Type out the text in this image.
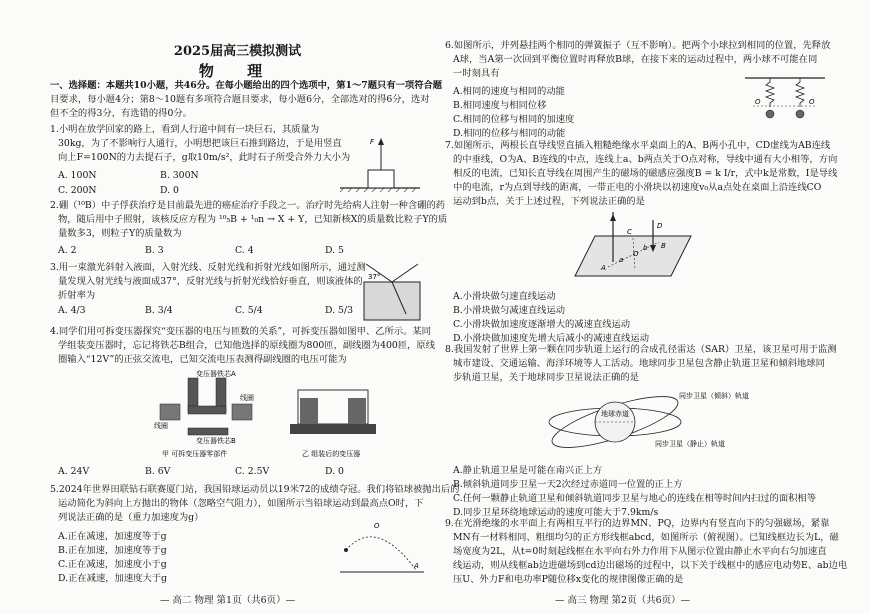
2025届高三模拟测试
物 理
一、选择题：本题共10小题，共46分。在每小题给出的四个选项中，第1～7题只有一项符合题
目要求，每小题4分；第8～10题有多项符合题目要求，每小题6分，全部选对的得6分，选对
但不全的得3分，有选错的得0分。
1.小明在放学回家的路上，看到人行道中间有一块巨石，其质量为
30kg，为了不影响行人通行，小明想把该巨石推到路边，于是用竖直
向上F=100N的力去提石子，g取10m/s²，此时石子所受合外力大小为
A. 100N	B. 300N
C. 200N	D. 0
F
2.硼（¹⁰B）中子俘获治疗是目前最先进的癌症治疗手段之一。治疗时先给病人注射一种含硼的药
物，随后用中子照射，该核反应方程为 ¹⁰₅B + ¹₀n → X + Y，已知新核X的质量数比粒子Y的质
量数多3，则粒子Y的质量数为
A. 2	B. 3	C. 4	D. 5
3.用一束激光斜射入液面，入射光线、反射光线和折射光线如图所示，通过测
量发现入射光线与液面成37°，反射光线与折射光线恰好垂直，则该液体的
折射率为
A. 4/3	B. 3/4	C. 5/4	D. 5/3
37°
4.同学们用可拆变压器探究“变压器的电压与匝数的关系”，可拆变压器如图甲、乙所示。某同
学组装变压器时，忘记将铁芯B组合，已知他选择的原线圈为800匝，副线圈为400匝，原线
圈输入“12V”的正弦交流电，已知交流电压表测得副线圈的电压可能为
变压器铁芯A
线圈
线圈
变压器铁芯B
甲 可拆变压器零部件	乙 组装后的变压器
A. 24V	B. 6V	C. 2.5V	D. 0
5.2024年世界田联钻石联赛厦门站，我国铅球运动员以19米72的成绩夺冠。我们将铅球被抛出后的
运动简化为斜向上方抛出的物体（忽略空气阻力），如图所示当铅球运动到最高点O时，下
列说法正确的是（重力加速度为g）
A.正在减速，加速度等于g
B.正在加速，加速度等于g
C.正在减速，加速度小于g
D.正在减速，加速度大于g
O
A
— 高二 物理 第1页（共6页）—
6.如图所示，并列悬挂两个相同的弹簧振子（互不影响）。把两个小球拉到相同的位置，先释放
A球，当A第一次回到平衡位置时再释放B球，在接下来的运动过程中，两小球不可能在同
一时刻具有
A.相同的速度与相同的动能
B.相同速度与相同位移
C.相同的位移与相同的加速度
D.相同的位移与相同的动能
O	O
7.如图所示，两根长直导线竖直插入粗糙绝缘水平桌面上的A、B两小孔中，CD虚线为AB连线
的中垂线，O为A、B连线的中点，连线上a、b两点关于O点对称，导线中通有大小相等，方向
相反的电流，已知长直导线在周围产生的磁场的磁感应强度B = k I/r，式中k是常数，I是导线
中的电流，r为点到导线的距离，一带正电的小滑块以初速度v₀从a点处在桌面上沿连线CO
运动到b点，关于上述过程，下列说法正确的是
D
C
A
a
O
b B
A.小滑块做匀速直线运动
B.小滑块做匀减速直线运动
C.小滑块做加速度逐渐增大的减速直线运动
D.小滑块做加速度先增大后减小的减速直线运动
8.我国发射了世界上第一颗在同步轨道上运行的合成孔径雷达（SAR）卫星，该卫星可用于监测
城市建设、交通运输、海洋环境等人工活动。地球同步卫星包含静止轨道卫星和倾斜地球同
步轨道卫星，关于地球同步卫星说法正确的是
同步卫星（倾斜）轨道
地球赤道
同步卫星（静止）轨道
A.静止轨道卫星是可能在南兴正上方
B.倾斜轨道同步卫星一天2次经过赤道同一位置的正上方
C.任何一颗静止轨道卫星和倾斜轨道同步卫星与地心的连线在相等时间内扫过的面积相等
D.同步卫星环绕地球运动的速度可能大于7.9km/s
9.在光滑绝缘的水平面上有两相互平行的边界MN、PQ，边界内有竖直向下的匀强磁场，紧靠
MN有一材料相同、粗细均匀的正方形线框abcd，如图所示（俯视图）。已知线框边长为L，磁
场宽度为2L，从t=0时刻起线框在水平向右外力作用下从图示位置由静止水平向右匀加速直
线运动，则从线框ab边进磁场到cd边出磁场的过程中，以下关于线框中的感应电动势E、ab边电
压U、外力F和电功率P随位移x变化的规律图像正确的是
— 高三 物理 第2页（共6页）—
